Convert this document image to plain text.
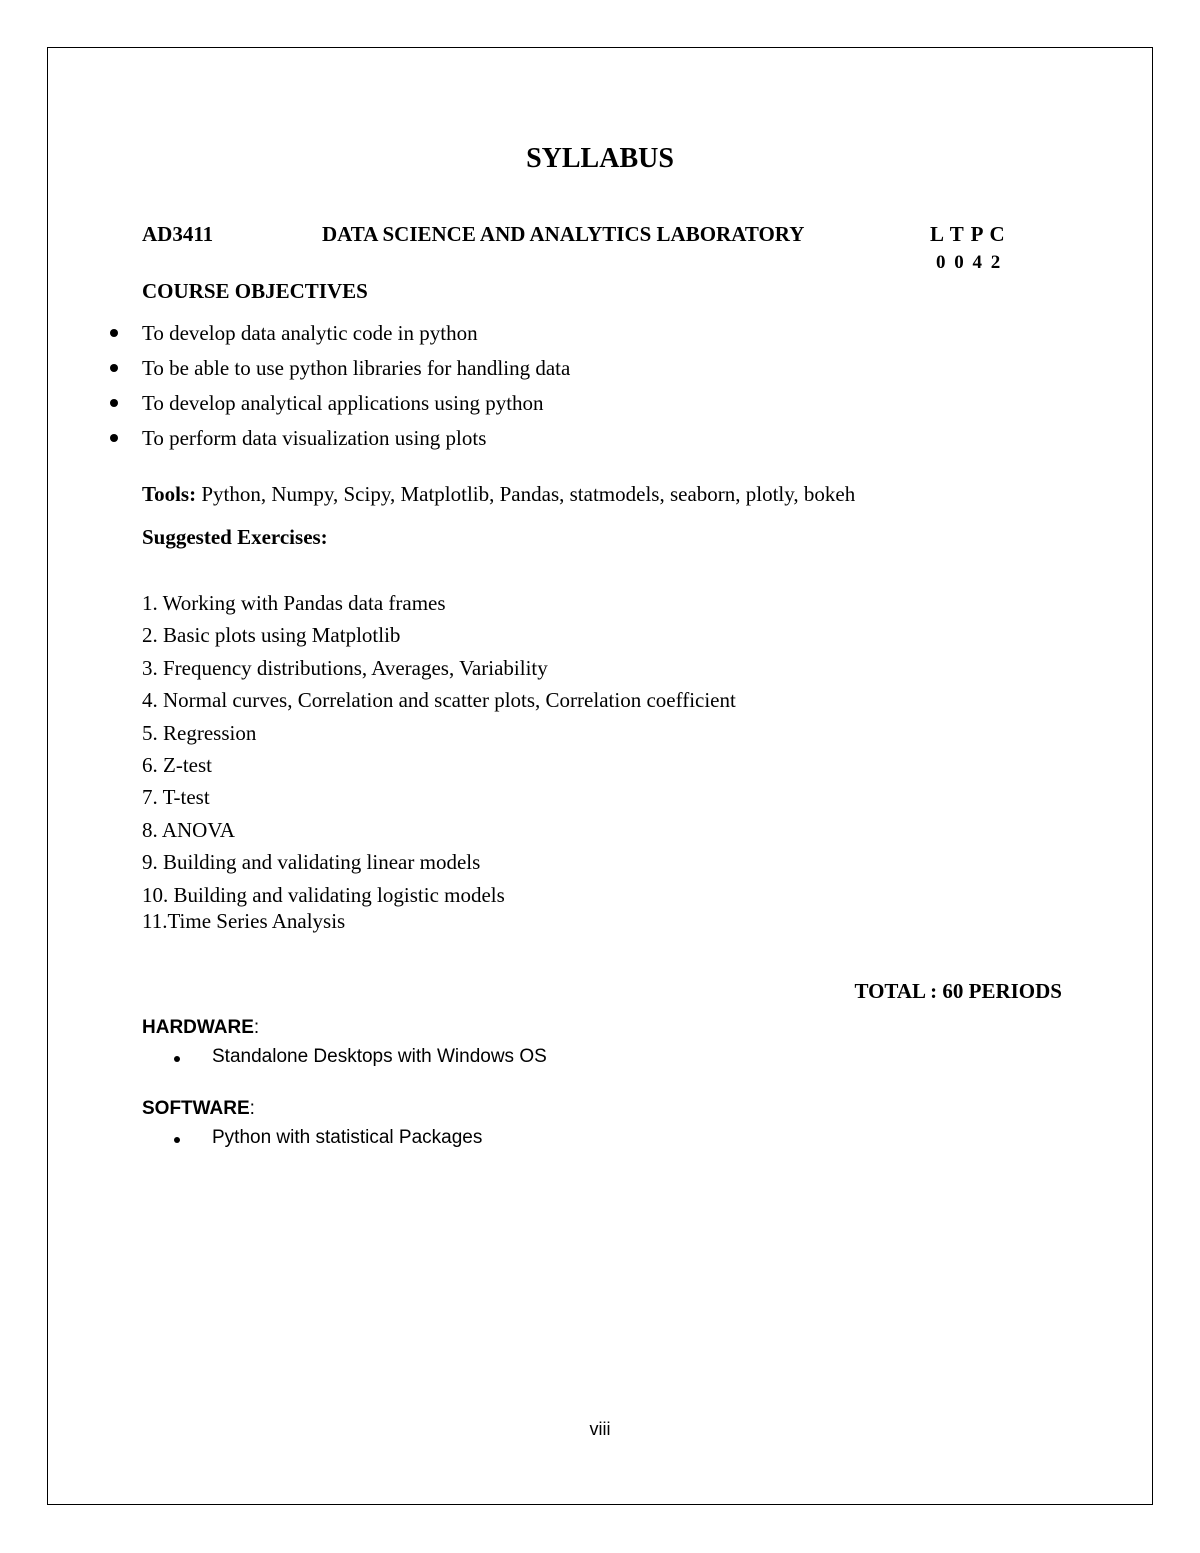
SYLLABUS
AD3411	DATA SCIENCE AND ANALYTICS LABORATORY	L T P C
0 0 4 2
COURSE OBJECTIVES
To develop data analytic code in python
To be able to use python libraries for handling data
To develop analytical applications using python
To perform data visualization using plots
Tools: Python, Numpy, Scipy, Matplotlib, Pandas, statmodels, seaborn, plotly, bokeh
Suggested Exercises:
1. Working with Pandas data frames
2. Basic plots using Matplotlib
3. Frequency distributions, Averages, Variability
4. Normal curves, Correlation and scatter plots, Correlation coefficient
5. Regression
6. Z-test
7. T-test
8. ANOVA
9. Building and validating linear models
10. Building and validating logistic models
11.Time Series Analysis
TOTAL : 60 PERIODS
HARDWARE:
Standalone Desktops with Windows OS
SOFTWARE:
Python with statistical Packages
viii
